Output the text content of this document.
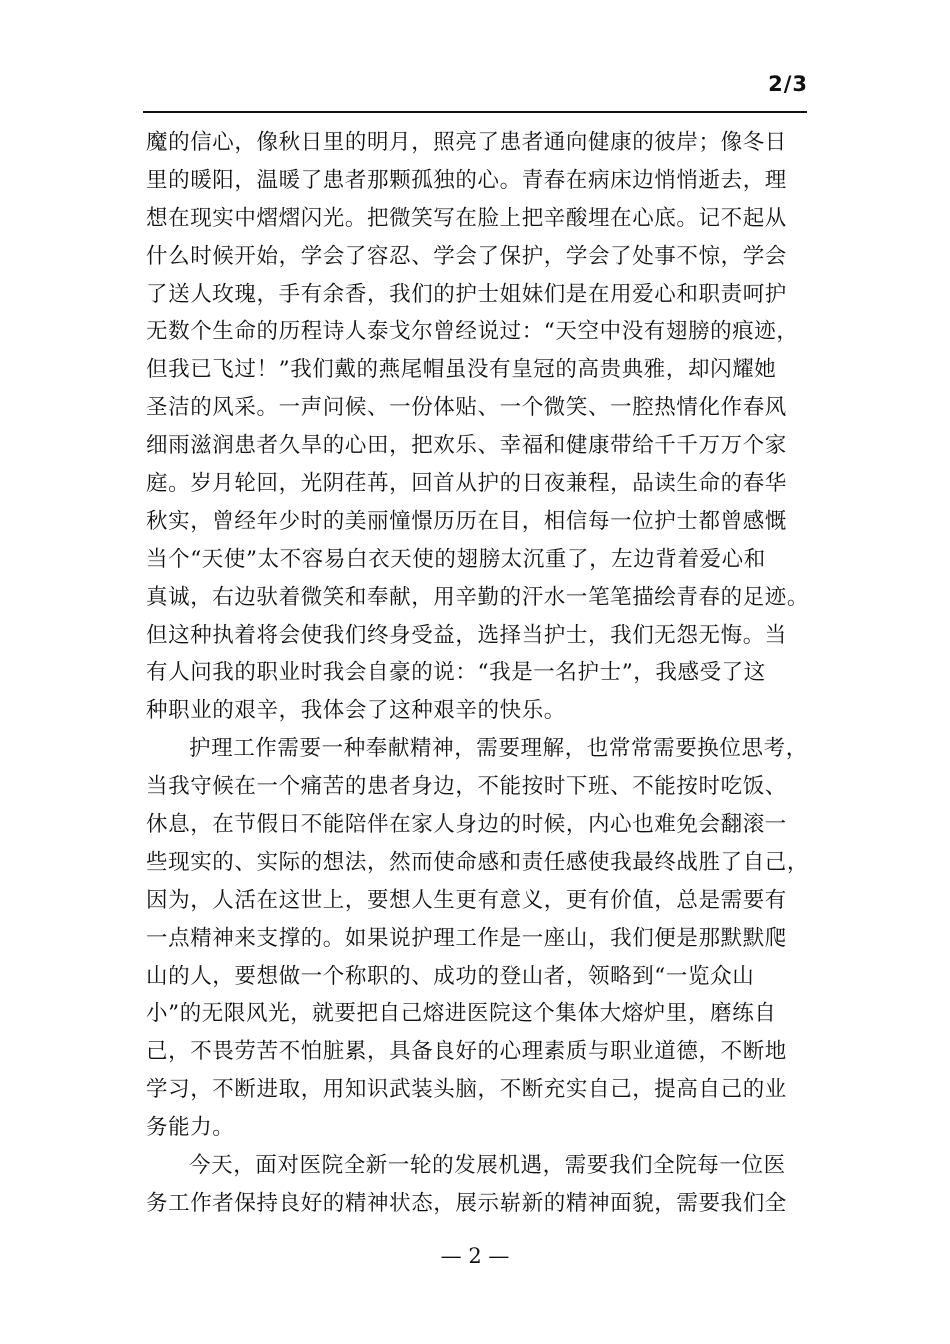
2/3
魔的信心，像秋日里的明月，照亮了患者通向健康的彼岸；像冬日
里的暖阳，温暖了患者那颗孤独的心。青春在病床边悄悄逝去，理
想在现实中熠熠闪光。把微笑写在脸上把辛酸埋在心底。记不起从
什么时候开始，学会了容忍、学会了保护，学会了处事不惊，学会
了送人玫瑰，手有余香，我们的护士姐妹们是在用爱心和职责呵护
无数个生命的历程诗人泰戈尔曾经说过：“天空中没有翅膀的痕迹，
但我已飞过！”我们戴的燕尾帽虽没有皇冠的高贵典雅，却闪耀她
圣洁的风采。一声问候、一份体贴、一个微笑、一腔热情化作春风
细雨滋润患者久旱的心田，把欢乐、幸福和健康带给千千万万个家
庭。岁月轮回，光阴荏苒，回首从护的日夜兼程，品读生命的春华
秋实，曾经年少时的美丽憧憬历历在目，相信每一位护士都曾感慨
当个“天使”太不容易白衣天使的翅膀太沉重了，左边背着爱心和
真诚，右边驮着微笑和奉献，用辛勤的汗水一笔笔描绘青春的足迹。
但这种执着将会使我们终身受益，选择当护士，我们无怨无悔。当
有人问我的职业时我会自豪的说：“我是一名护士”，我感受了这
种职业的艰辛，我体会了这种艰辛的快乐。
护理工作需要一种奉献精神，需要理解，也常常需要换位思考，
当我守候在一个痛苦的患者身边，不能按时下班、不能按时吃饭、
休息，在节假日不能陪伴在家人身边的时候，内心也难免会翻滚一
些现实的、实际的想法，然而使命感和责任感使我最终战胜了自己，
因为，人活在这世上，要想人生更有意义，更有价值，总是需要有
一点精神来支撑的。如果说护理工作是一座山，我们便是那默默爬
山的人，要想做一个称职的、成功的登山者，领略到“一览众山
小”的无限风光，就要把自己熔进医院这个集体大熔炉里，磨练自
己，不畏劳苦不怕脏累，具备良好的心理素质与职业道德，不断地
学习，不断进取，用知识武装头脑，不断充实自己，提高自己的业
务能力。
今天，面对医院全新一轮的发展机遇，需要我们全院每一位医
务工作者保持良好的精神状态，展示崭新的精神面貌，需要我们全
— 2 —
